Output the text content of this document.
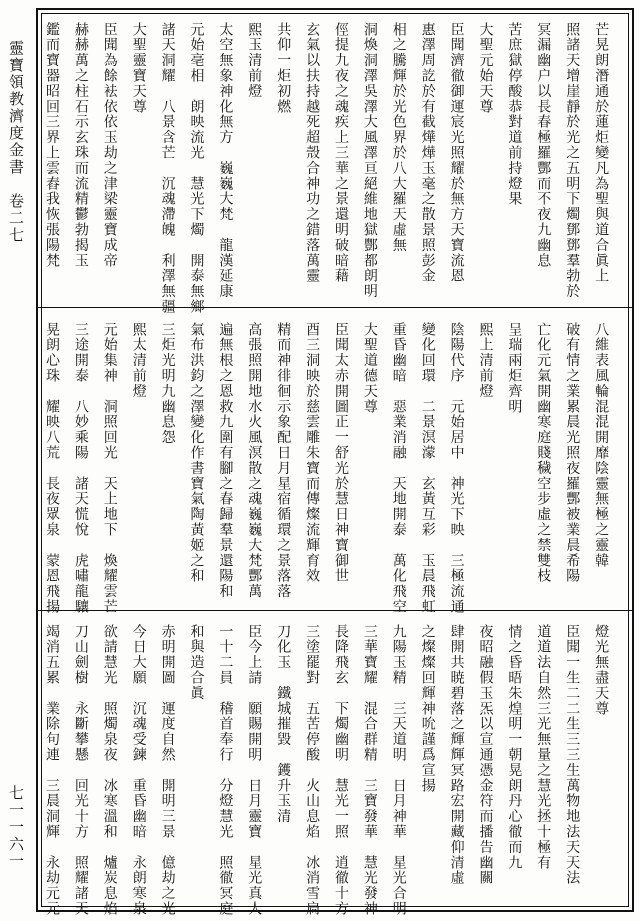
靈寶領教濟度金書　卷二七
七一一六一
芒晃朗潛通於蓮炬變凡為聖與道合眞上
照諸天增崖靜於光之五明下燭鄧鄧羣勃於
冥漏幽户以長春極羅酆而不夜九幽息
苦庶獄停酸恭對道前持燈果
大聖元始天尊
臣聞濟徹御運宸光照耀於無方天寶流恩
惠澤周訖於有截燁燁玉毫之散景照彭金
相之騰輝於光色界於八大羅天虛無
洞煥洞澤吳澤大風澤亘絕維地獄酆都朗明
俓提九夜之魂疾上三華之景還明破暗藉
玄氣以扶持越死超殼合神功之錯落萬靈
共仰一炬初燃
熙玉清前燈
太空無象神化無方　巍巍大梵　龍漢延康
元始亳相　朗映流光　慧光下燭　開泰無鄉
諸天洞耀　八景含芒　沉魂滯魄　利澤無疆
大聖靈寶天尊
臣聞為餘袪依依玉劫之津梁靈寶成帝
赫赫萬之柱石示玄珠而流精鬱勃揭玉
鑑而寶器昭回三界上雲舂我恢張陽梵
八維表風輪混混開靡陰靈無極之靈韓
破有情之業累晨光照夜羅酆被業晨希陽
亡化元氣開幽寒庭賤穢空步虛之禁雙枝
呈瑞兩炬齊明
熙上清前燈
陰陽代序　元始居中　神光下映　三極流通
變化回環　二景溟濛　玄黃互彩　玉晨飛虹
重昏幽暗　惡業消融　天地開泰　萬化飛空
大聖道德天尊
臣聞太赤開圖正一舒光於慧日神寶御世
酉三洞映於慈雲雕朱寶而傳燦流輝育效
精而神徘徊示象配日月星宿循環之景落落
高張照開地水火風溟散之魂巍巍大梵酆萬
遍無根之恩救九圍有腳之春歸羣景還陽和
氣布洪鈞之澤變化作書寶氣陶黃姬之和
三炬光明九幽息怨
熙太清前燈
元始集神　洞照回光　天上地下　煥耀雲芒
三途開泰　八妙乘陽　諸天慌悅　虎嘯龍驤
晃朗心珠　耀映八荒　長夜眾泉　蒙恩飛揚
燈光無盡天尊
臣聞一生二二生三三生萬物地法天天法
道道法自然三光無量之慧光拯十極有
情之昏晤朱煌明一朝晃朗丹心徹而九
夜昭融假玉炁以宣通憑金符而播告幽關
肆開共暁碧落之輝輝冥路宏開藏仰清虛
之燦燦回輝神吮謹爲宣揚
九陽玉精　三天道明　日月神華　星光合明
三華寶耀　混合群精　三寶發華　慧光發神
長降飛玄　下燭幽明　慧光一照　逍徹十方
三塗罷對　五苦停酸　火山息焰　冰消雪扃
刀化玉　鐵城摧毀　鑊升玉清
臣今上請　願賜開明　日月靈寶　星光真人
一十二員　稽首奉行　分燈慧光　照徹冥庭
和與造合眞
赤明開圖　運度自然　開明三景　億劫之光
今日大願　沉魂受鍊　重昏幽暗　永朗寒泉
欲請慧光　照燭泉夜　冰寒溫和　爐炭息焰
刀山劍樹　永斷攀懸　回光十方　照耀諸天
竭消五累　業除句連　三晨洞輝　永劫元元
